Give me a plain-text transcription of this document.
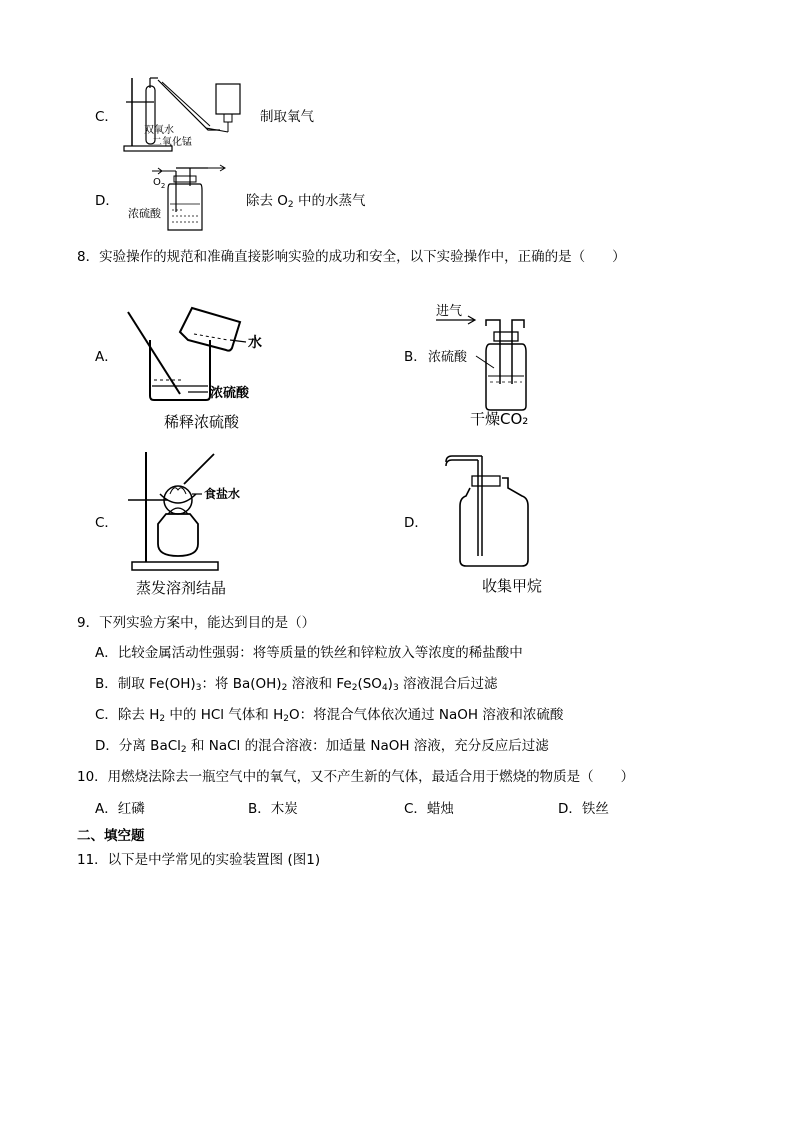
C．
双氧水
二氧化锰
制取氧气
D．
$O_2$
浓硫酸
除去 $O_2$ 中的水蒸气
8．实验操作的规范和准确直接影响实验的成功和安全，以下实验操作中，正确的是（　　）
A．
水
浓硫酸
稀释浓硫酸
B．
进气
浓硫酸
干燥CO₂
C．
食盐水
蒸发溶剂结晶
D．
收集甲烷
9．下列实验方案中，能达到目的是（）
A．比较金属活动性强弱：将等质量的铁丝和锌粒放入等浓度的稀盐酸中
B．制取 $Fe(OH)_3$：将 $Ba(OH)_2$ 溶液和 $Fe_2(SO_4)_3$ 溶液混合后过滤
C．除去 $H_2$ 中的 HCl 气体和 $H_2O$：将混合气体依次通过 NaOH 溶液和浓硫酸
D．分离 BaCl$_2$ 和 NaCl 的混合溶液：加适量 NaOH 溶液，充分反应后过滤
10．用燃烧法除去一瓶空气中的氧气，又不产生新的气体，最适合用于燃烧的物质是（　　）
A．红磷	B．木炭	C．蜡烛	D．铁丝
二、填空题
11．以下是中学常见的实验装置图 (图1)
